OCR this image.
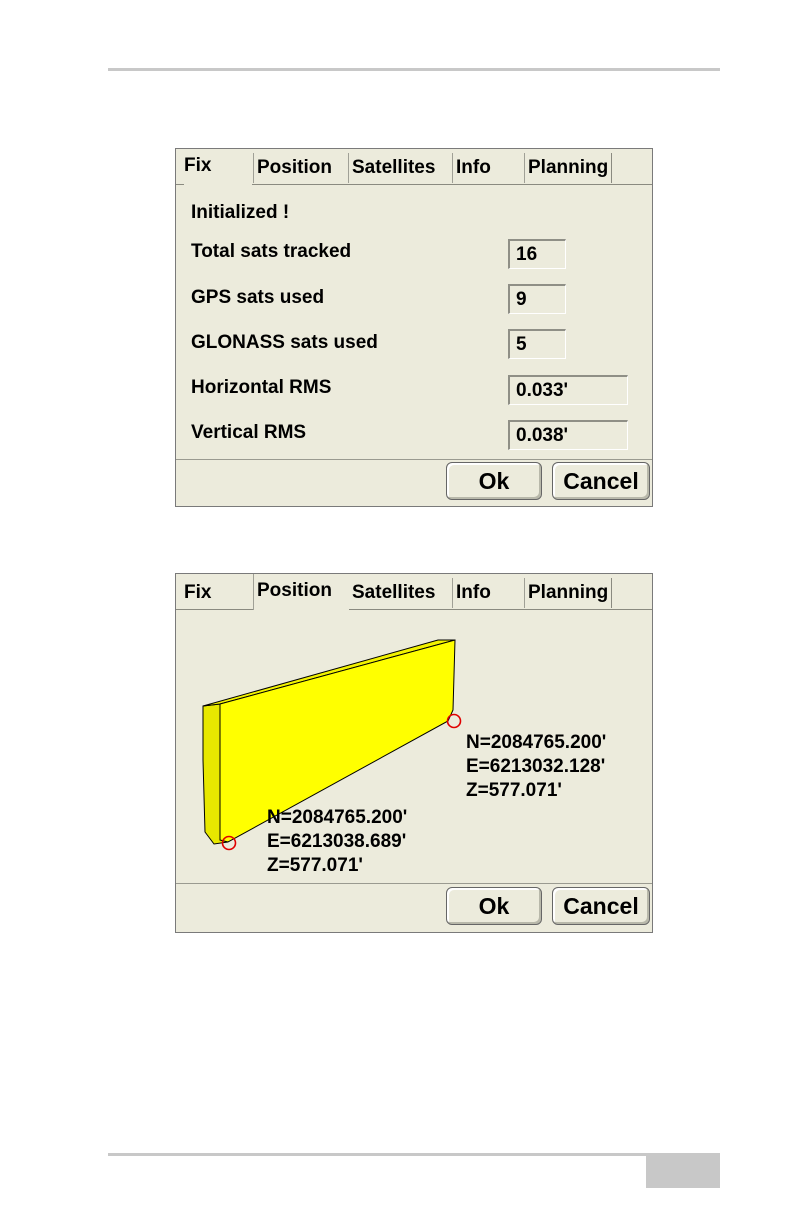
Fix	Position Satellites Info Planning
Initialized !
Total sats tracked	16
GPS sats used	9
GLONASS sats used	5
Horizontal RMS	0.033'
Vertical RMS	0.038'
Ok	Cancel
Fix	Position	Satellites Info Planning
N=2084765.200'
E=6213032.128'
Z=577.071'
N=2084765.200'
E=6213038.689'
Z=577.071'
Ok	Cancel
